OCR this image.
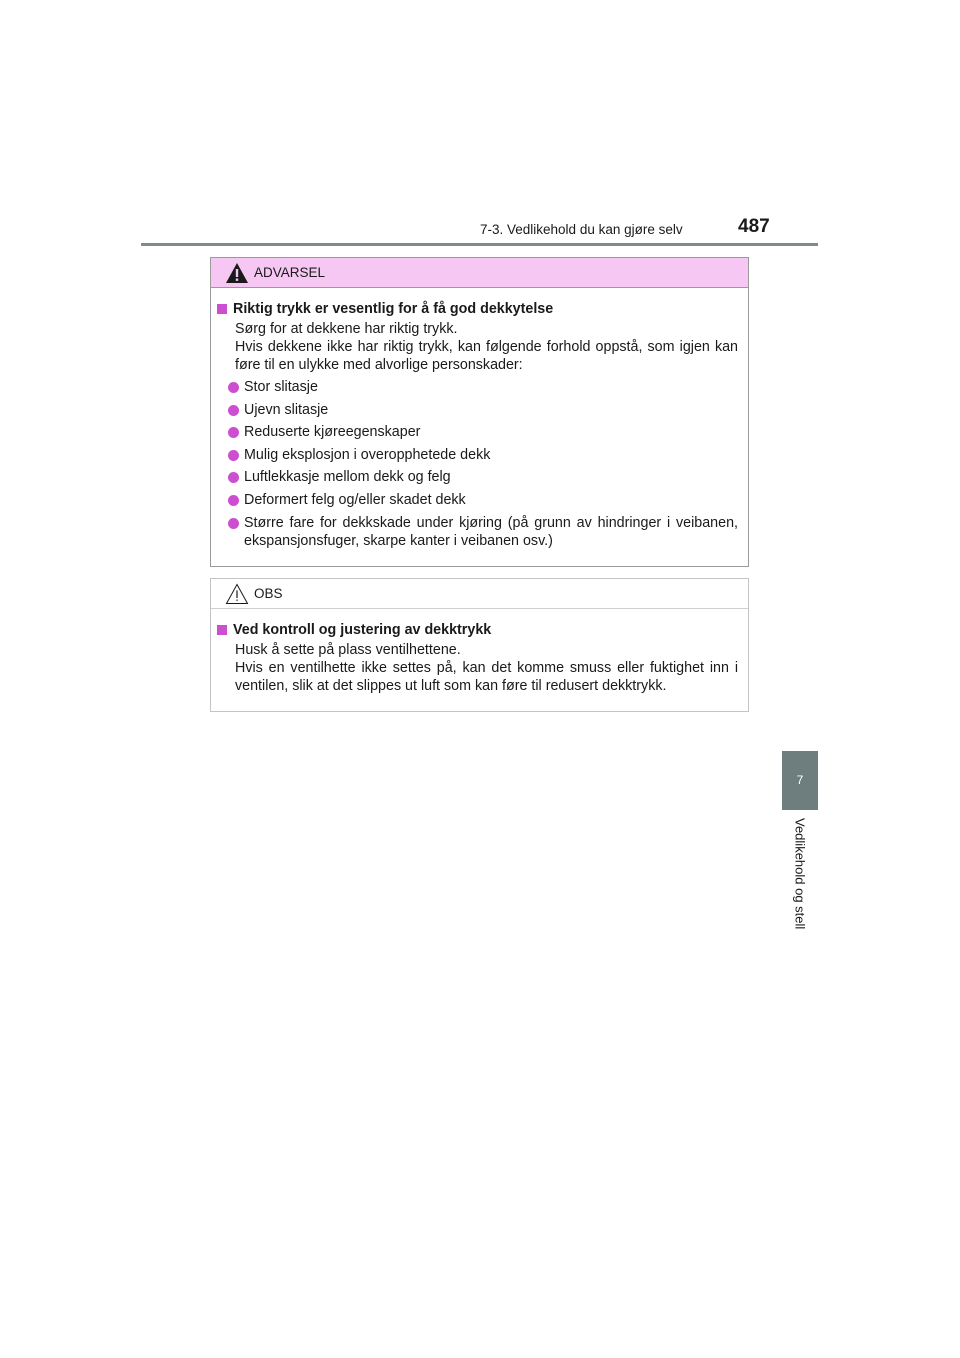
7-3. Vedlikehold du kan gjøre selv	487
7
Vedlikehold og stell
ADVARSEL
Riktig trykk er vesentlig for å få god dekkytelse
Sørg for at dekkene har riktig trykk.
Hvis dekkene ikke har riktig trykk, kan følgende forhold oppstå, som igjen kan føre til en ulykke med alvorlige personskader:
Stor slitasje
Ujevn slitasje
Reduserte kjøreegenskaper
Mulig eksplosjon i overopphetede dekk
Luftlekkasje mellom dekk og felg
Deformert felg og/eller skadet dekk
Større fare for dekkskade under kjøring (på grunn av hindringer i veibanen, ekspansjonsfuger, skarpe kanter i veibanen osv.)
OBS
Ved kontroll og justering av dekktrykk
Husk å sette på plass ventilhettene.
Hvis en ventilhette ikke settes på, kan det komme smuss eller fuktighet inn i ventilen, slik at det slippes ut luft som kan føre til redusert dekktrykk.
